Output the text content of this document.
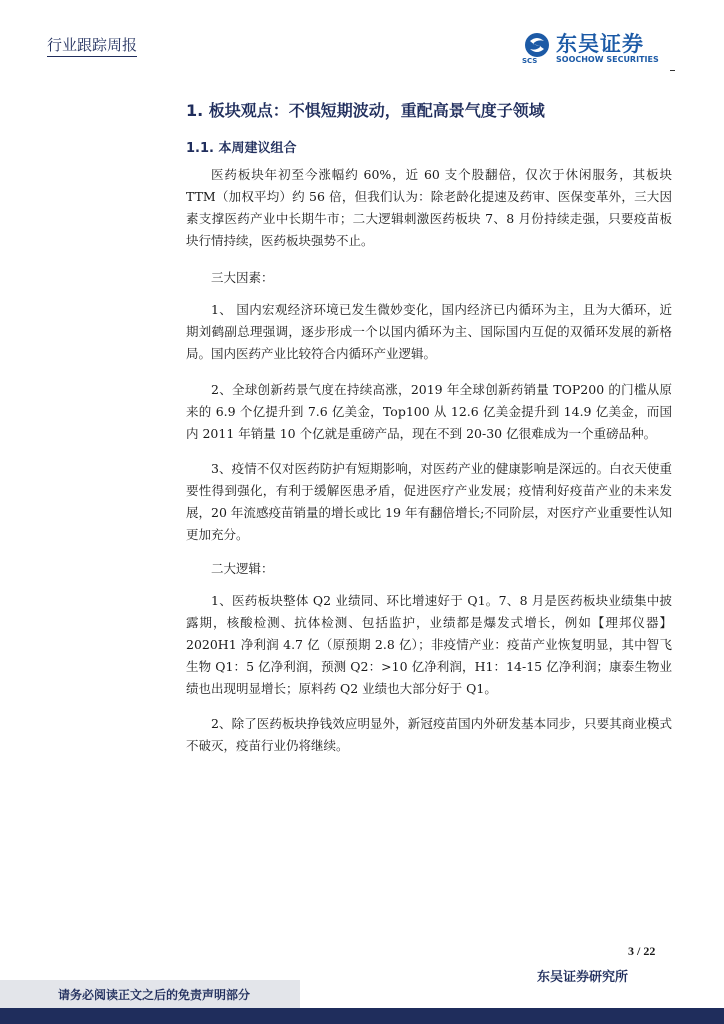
行业跟踪周报	东吴证券
SCS SOOCHOW SECURITIES
1. 板块观点：不惧短期波动，重配高景气度子领域
1.1. 本周建议组合
医药板块年初至今涨幅约 60%，近 60 支个股翻倍，仅次于休闲服务，其板块 TTM（加权平均）约 56 倍，但我们认为：除老龄化提速及药审、医保变革外，三大因素支撑医药产业中长期牛市；二大逻辑刺激医药板块 7、8 月份持续走强，只要疫苗板块行情持续，医药板块强势不止。
三大因素：
1、 国内宏观经济环境已发生微妙变化，国内经济已内循环为主，且为大循环，近期刘鹤副总理强调，逐步形成一个以国内循环为主、国际国内互促的双循环发展的新格局。国内医药产业比较符合内循环产业逻辑。
2、全球创新药景气度在持续高涨，2019 年全球创新药销量 TOP200 的门槛从原来的 6.9 个亿提升到 7.6 亿美金，Top100 从 12.6 亿美金提升到 14.9 亿美金，而国内 2011 年销量 10 个亿就是重磅产品，现在不到 20-30 亿很难成为一个重磅品种。
3、疫情不仅对医药防护有短期影响，对医药产业的健康影响是深远的。白衣天使重要性得到强化，有利于缓解医患矛盾，促进医疗产业发展；疫情利好疫苗产业的未来发展，20 年流感疫苗销量的增长或比 19 年有翻倍增长;不同阶层，对医疗产业重要性认知更加充分。
二大逻辑：
1、医药板块整体 Q2 业绩同、环比增速好于 Q1。7、8 月是医药板块业绩集中披露期，核酸检测、抗体检测、包括监护，业绩都是爆发式增长，例如【理邦仪器】2020H1 净利润 4.7 亿（原预期 2.8 亿）；非疫情产业：疫苗产业恢复明显，其中智飞生物 Q1：5 亿净利润，预测 Q2：>10 亿净利润，H1：14-15 亿净利润；康泰生物业绩也出现明显增长；原料药 Q2 业绩也大部分好于 Q1。
2、除了医药板块挣钱效应明显外，新冠疫苗国内外研发基本同步，只要其商业模式不破灭，疫苗行业仍将继续。
3 / 22
东吴证券研究所
请务必阅读正文之后的免责声明部分
